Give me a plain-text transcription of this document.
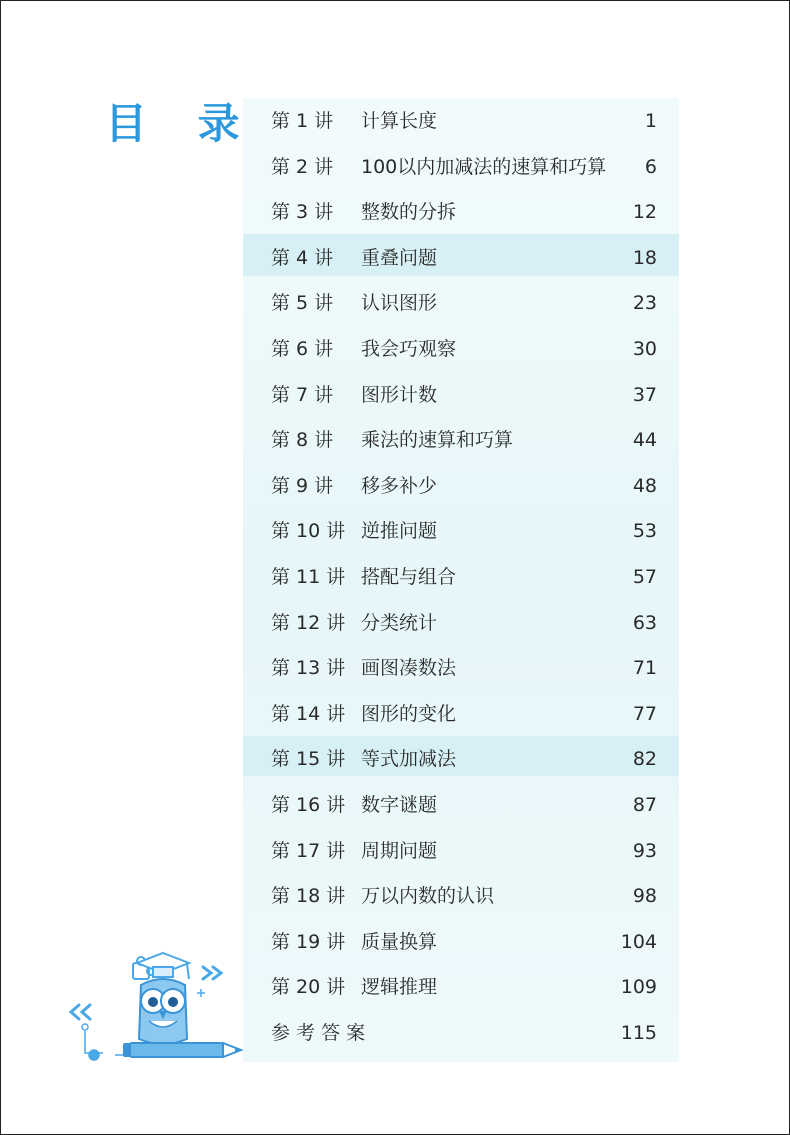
目 录 第 1 讲	计算长度	1
第 2 讲	100以内加减法的速算和巧算 6
第 3 讲	整数的分拆	12
第 4 讲	重叠问题	18
第 5 讲	认识图形	23
第 6 讲	我会巧观察	30
第 7 讲	图形计数	37
第 8 讲	乘法的速算和巧算	44
第 9 讲	移多补少	48
第 10 讲 逆推问题	53
第 11 讲 搭配与组合	57
第 12 讲 分类统计	63
第 13 讲 画图凑数法	71
第 14 讲 图形的变化	77
第 15 讲 等式加减法	82
第 16 讲 数字谜题	87
第 17 讲 周期问题	93
第 18 讲 万以内数的认识	98
第 19 讲 质量换算	104
第 20 讲 逻辑推理	109
参 考 答 案	115
